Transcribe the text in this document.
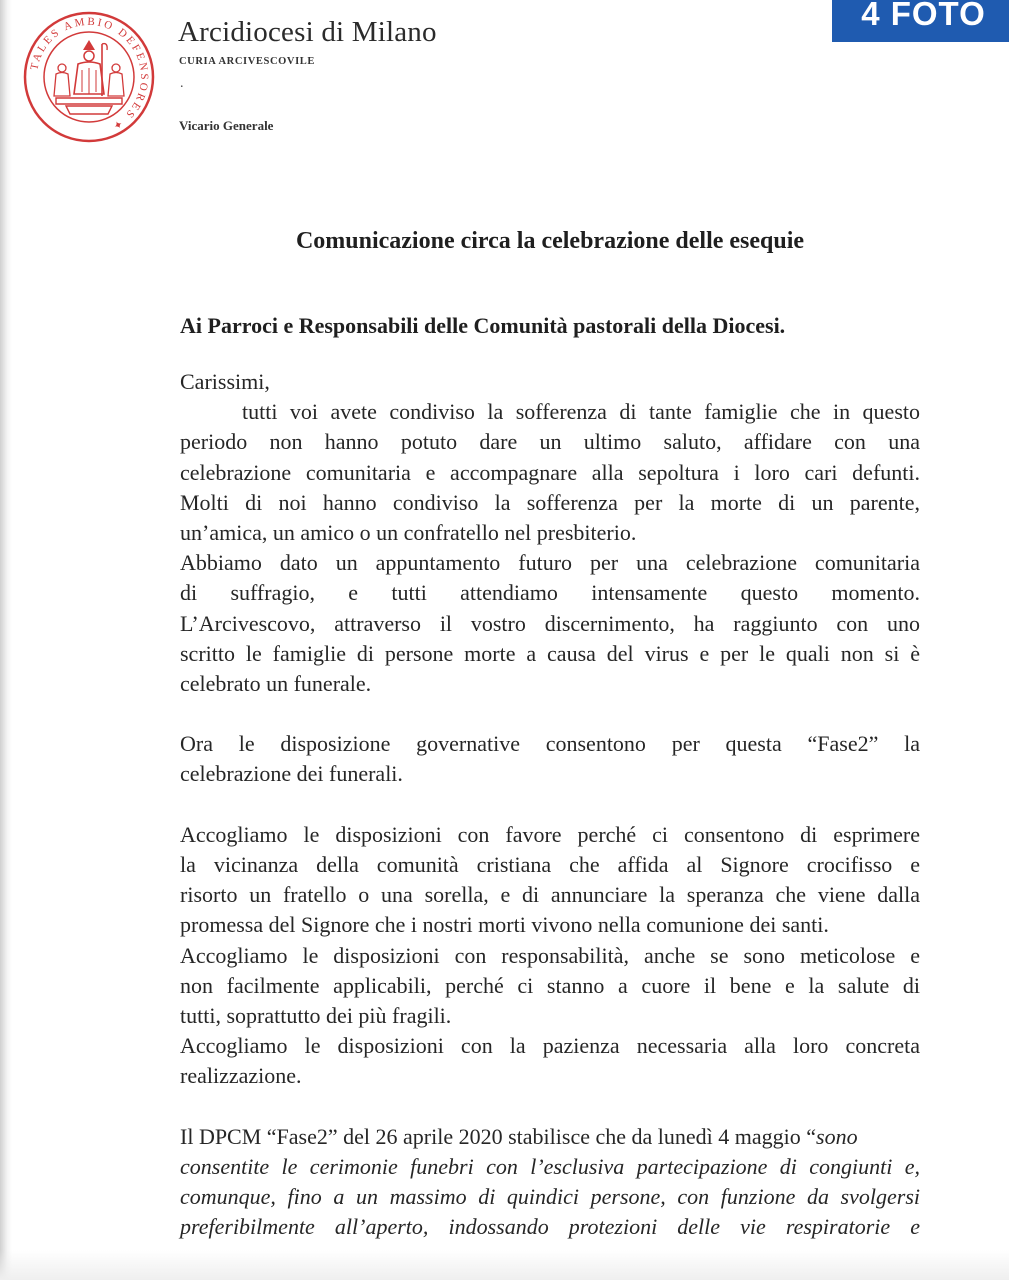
TALES AMBIO DEFENSORES ✦
Arcidiocesi di Milano
CURIA ARCIVESCOVILE
.
Vicario Generale
4 FOTO
Comunicazione circa la celebrazione delle esequie
Ai Parroci e Responsabili delle Comunità pastorali della Diocesi.
Carissimi,
tutti voi avete condiviso la sofferenza di tante famiglie che in questo
periodo non hanno potuto dare un ultimo saluto, affidare con una
celebrazione comunitaria e accompagnare alla sepoltura i loro cari defunti.
Molti di noi hanno condiviso la sofferenza per la morte di un parente,
un’amica, un amico o un confratello nel presbiterio.
Abbiamo dato un appuntamento futuro per una celebrazione comunitaria
di suffragio, e tutti attendiamo intensamente questo momento.
L’Arcivescovo, attraverso il vostro discernimento, ha raggiunto con uno
scritto le famiglie di persone morte a causa del virus e per le quali non si è
celebrato un funerale.
Ora le disposizione governative consentono per questa “Fase2” la
celebrazione dei funerali.
Accogliamo le disposizioni con favore perché ci consentono di esprimere
la vicinanza della comunità cristiana che affida al Signore crocifisso e
risorto un fratello o una sorella, e di annunciare la speranza che viene dalla
promessa del Signore che i nostri morti vivono nella comunione dei santi.
Accogliamo le disposizioni con responsabilità, anche se sono meticolose e
non facilmente applicabili, perché ci stanno a cuore il bene e la salute di
tutti, soprattutto dei più fragili.
Accogliamo le disposizioni con la pazienza necessaria alla loro concreta
realizzazione.
Il DPCM “Fase2” del 26 aprile 2020 stabilisce che da lunedì 4 maggio “sono
consentite le cerimonie funebri con l’esclusiva partecipazione di congiunti e,
comunque, fino a un massimo di quindici persone, con funzione da svolgersi
preferibilmente all’aperto, indossando protezioni delle vie respiratorie e
